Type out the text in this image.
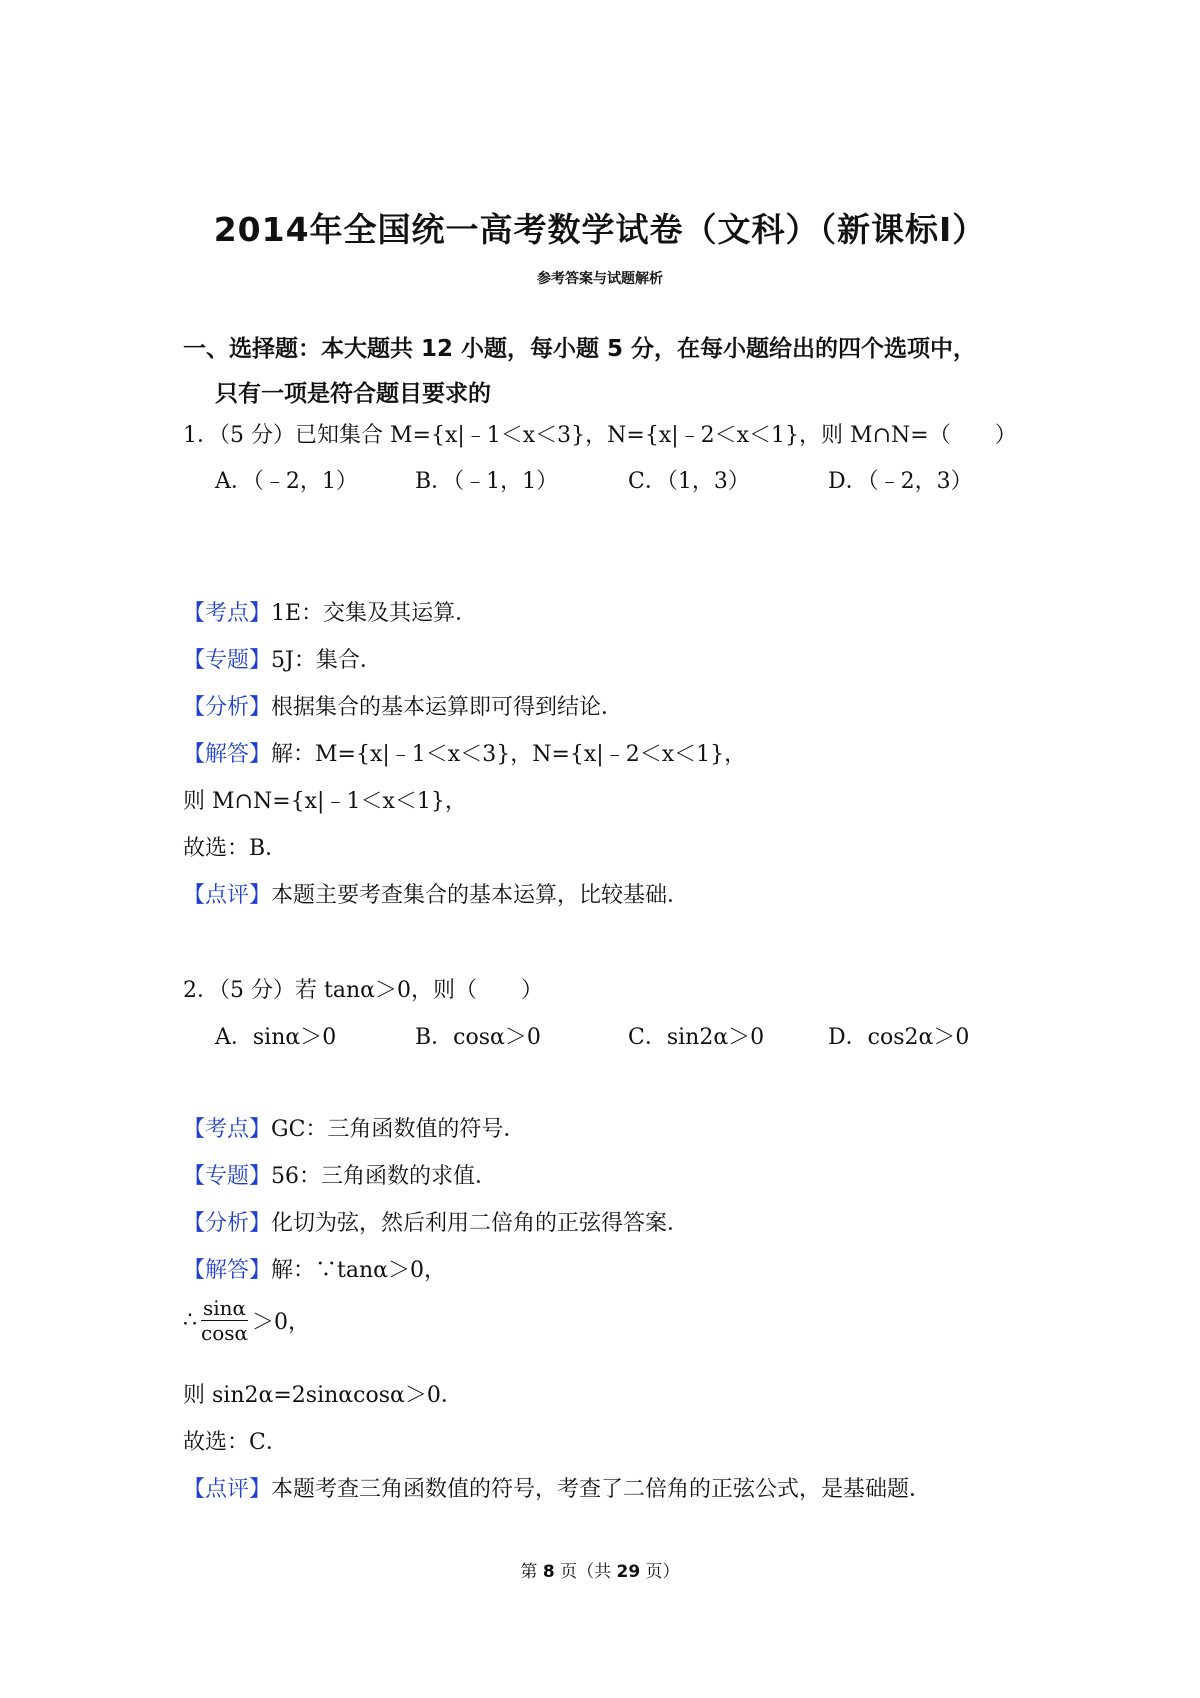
2014年全国统一高考数学试卷（文科）（新课标Ⅰ）
参考答案与试题解析
一、选择题：本大题共 12 小题，每小题 5 分，在每小题给出的四个选项中，
只有一项是符合题目要求的
1．（5 分）已知集合 M={x|﹣1＜x＜3}，N={x|﹣2＜x＜1}，则 M∩N=（　　）
A．（﹣2，1）	B．（﹣1，1）	C．（1，3）	D．（﹣2，3）
【考点】1E：交集及其运算．
【专题】5J：集合．
【分析】根据集合的基本运算即可得到结论．
【解答】解：M={x|﹣1＜x＜3}，N={x|﹣2＜x＜1}，
则 M∩N={x|﹣1＜x＜1}，
故选：B．
【点评】本题主要考查集合的基本运算，比较基础．
2．（5 分）若 tanα＞0，则（　　）
A．sinα＞0	B．cosα＞0	C．sin2α＞0	D．cos2α＞0
【考点】GC：三角函数值的符号．
【专题】56：三角函数的求值．
【分析】化切为弦，然后利用二倍角的正弦得答案．
【解答】解：∵tanα＞0，
∴ $\frac{\sin\alpha}{\cos\alpha} >0$，
则 sin2α=2sinαcosα＞0．
故选：C．
【点评】本题考查三角函数值的符号，考查了二倍角的正弦公式，是基础题．
第 8 页（共 29 页）
